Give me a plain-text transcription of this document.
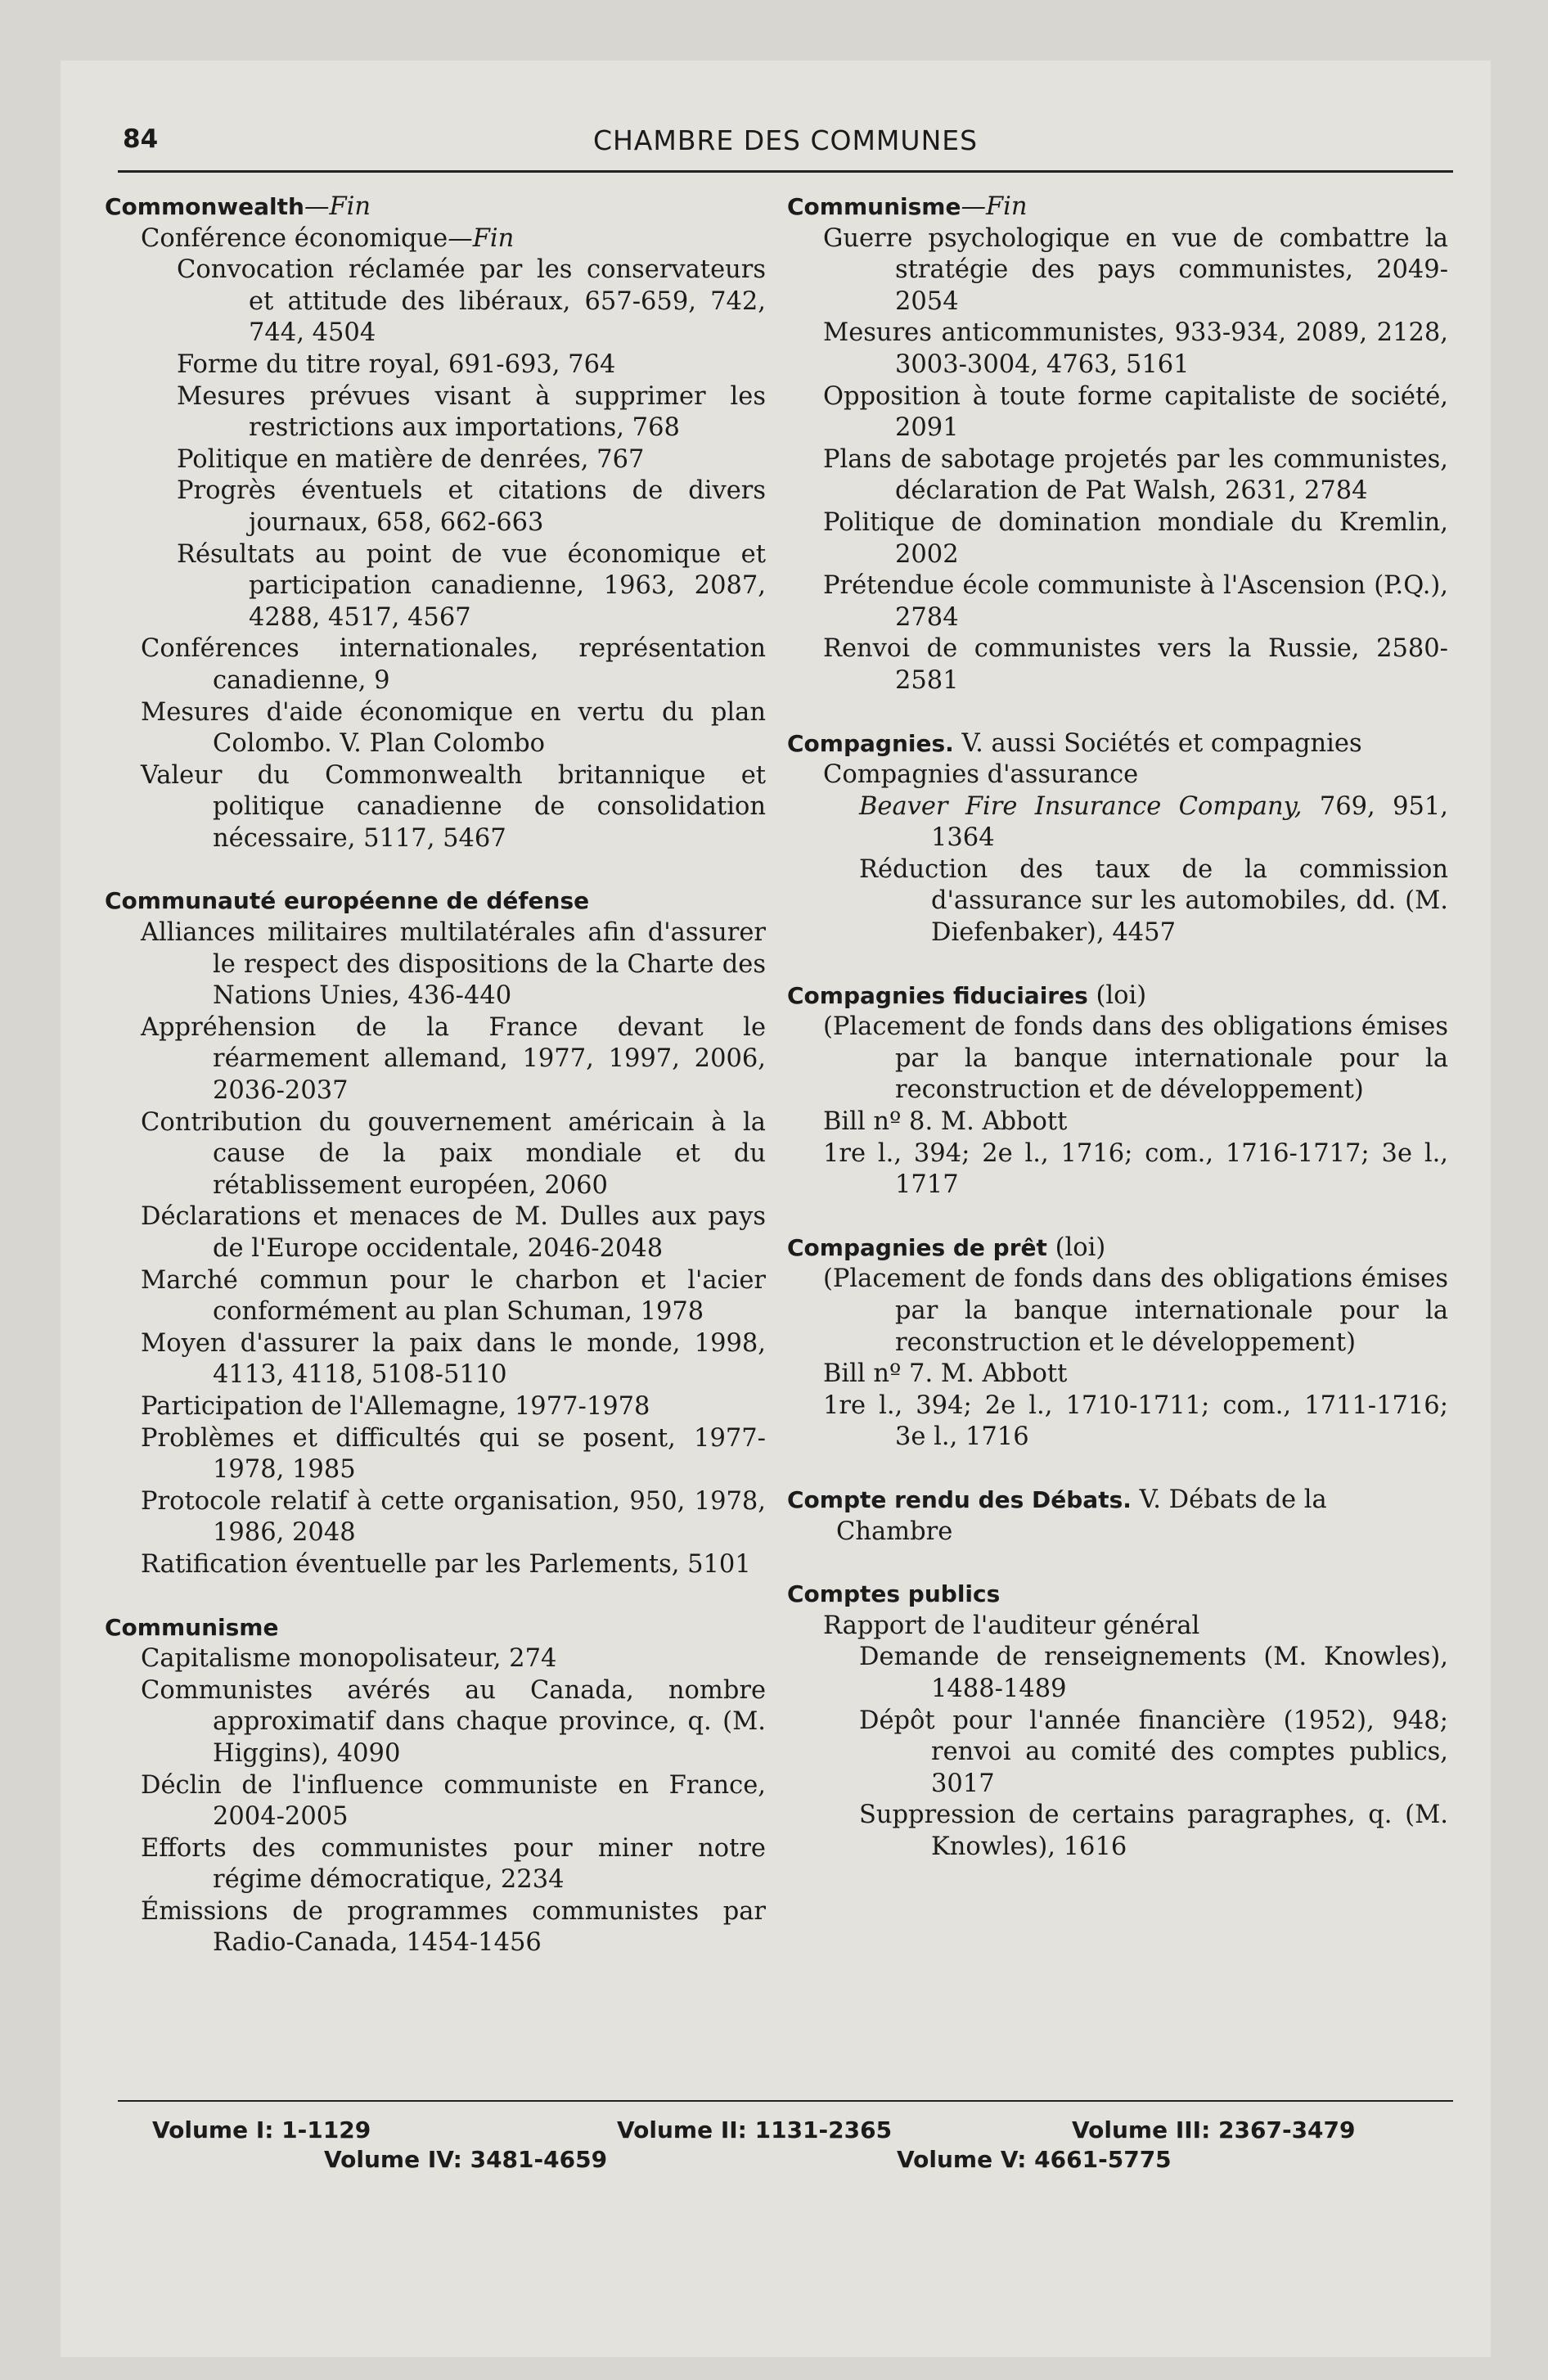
84	CHAMBRE DES COMMUNES
Commonwealth—Fin
Conférence économique—Fin
Convocation réclamée par les conservateurs et attitude des libéraux, 657-659, 742, 744, 4504
Forme du titre royal, 691-693, 764
Mesures prévues visant à supprimer les restrictions aux importations, 768
Politique en matière de denrées, 767
Progrès éventuels et citations de divers journaux, 658, 662-663
Résultats au point de vue économique et participation canadienne, 1963, 2087, 4288, 4517, 4567
Conférences internationales, représentation canadienne, 9
Mesures d'aide économique en vertu du plan Colombo. V. Plan Colombo
Valeur du Commonwealth britannique et politique canadienne de consolidation nécessaire, 5117, 5467
Communauté européenne de défense
Alliances militaires multilatérales afin d'assurer le respect des dispositions de la Charte des Nations Unies, 436-440
Appréhension de la France devant le réarmement allemand, 1977, 1997, 2006, 2036-2037
Contribution du gouvernement américain à la cause de la paix mondiale et du rétablissement européen, 2060
Déclarations et menaces de M. Dulles aux pays de l'Europe occidentale, 2046-2048
Marché commun pour le charbon et l'acier conformément au plan Schuman, 1978
Moyen d'assurer la paix dans le monde, 1998, 4113, 4118, 5108-5110
Participation de l'Allemagne, 1977-1978
Problèmes et difficultés qui se posent, 1977-1978, 1985
Protocole relatif à cette organisation, 950, 1978, 1986, 2048
Ratification éventuelle par les Parlements, 5101
Communisme
Capitalisme monopolisateur, 274
Communistes avérés au Canada, nombre approximatif dans chaque province, q. (M. Higgins), 4090
Déclin de l'influence communiste en France, 2004-2005
Efforts des communistes pour miner notre régime démocratique, 2234
Émissions de programmes communistes par Radio-Canada, 1454-1456
Communisme—Fin
Guerre psychologique en vue de combattre la stratégie des pays communistes, 2049-2054
Mesures anticommunistes, 933-934, 2089, 2128, 3003-3004, 4763, 5161
Opposition à toute forme capitaliste de société, 2091
Plans de sabotage projetés par les communistes, déclaration de Pat Walsh, 2631, 2784
Politique de domination mondiale du Kremlin, 2002
Prétendue école communiste à l'Ascension (P.Q.), 2784
Renvoi de communistes vers la Russie, 2580-2581
Compagnies. V. aussi Sociétés et compagnies
Compagnies d'assurance
Beaver Fire Insurance Company, 769, 951, 1364
Réduction des taux de la commission d'assurance sur les automobiles, dd. (M. Diefenbaker), 4457
Compagnies fiduciaires (loi)
(Placement de fonds dans des obligations émises par la banque internationale pour la reconstruction et de développement)
Bill nº 8. M. Abbott
1re l., 394; 2e l., 1716; com., 1716-1717; 3e l., 1717
Compagnies de prêt (loi)
(Placement de fonds dans des obligations émises par la banque internationale pour la reconstruction et le développement)
Bill nº 7. M. Abbott
1re l., 394; 2e l., 1710-1711; com., 1711-1716; 3e l., 1716
Compte rendu des Débats. V. Débats de la Chambre
Comptes publics
Rapport de l'auditeur général
Demande de renseignements (M. Knowles), 1488-1489
Dépôt pour l'année financière (1952), 948; renvoi au comité des comptes publics, 3017
Suppression de certains paragraphes, q. (M. Knowles), 1616
Volume I: 1-1129	Volume II: 1131-2365	Volume III: 2367-3479
Volume IV: 3481-4659	Volume V: 4661-5775
